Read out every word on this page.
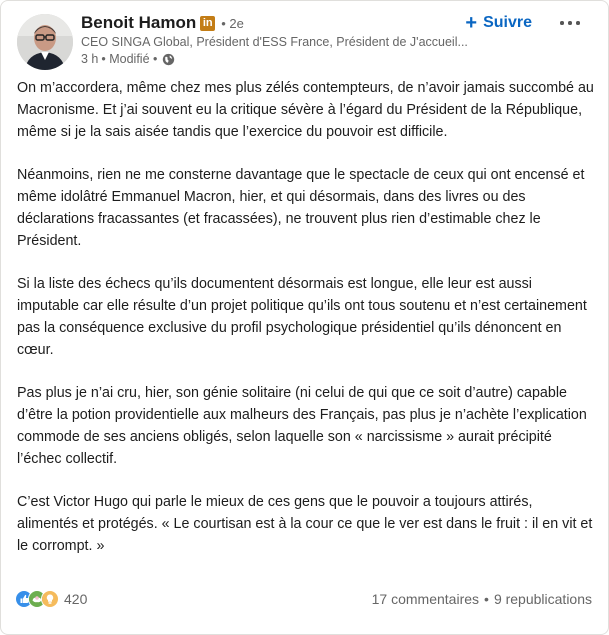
Benoit Hamon in • 2e
CEO SINGA Global, Président d'ESS France, Président de J'accueil...
3 h • Modifié •
+ Suivre

On m’accordera, même chez mes plus zélés contempteurs, de n’avoir jamais succombé au Macronisme. Et j’ai souvent eu la critique sévère à l’égard du Président de la République, même si je la sais aisée tandis que l’exercice du pouvoir est difficile.

Néanmoins, rien ne me consterne davantage que le spectacle de ceux qui ont encensé et même idolâtré Emmanuel Macron, hier, et qui désormais, dans des livres ou des déclarations fracassantes (et fracassées), ne trouvent plus rien d’estimable chez le Président.

Si la liste des échecs qu’ils documentent désormais est longue, elle leur est aussi imputable car elle résulte d’un projet politique qu’ils ont tous soutenu et n’est certainement pas la conséquence exclusive du profil psychologique présidentiel qu’ils dénoncent en cœur.

Pas plus je n’ai cru, hier, son génie solitaire (ni celui de qui que ce soit d’autre) capable d’être la potion providentielle aux malheurs des Français, pas plus je n’achète l’explication commode de ses anciens obligés, selon laquelle son « narcissisme » aurait précipité l’échec collectif.

C’est Victor Hugo qui parle le mieux de ces gens que le pouvoir a toujours attirés, alimentés et protégés. « Le courtisan est à la cour ce que le ver est dans le fruit : il en vit et le corrompt. »

420	17 commentaires • 9 republications
